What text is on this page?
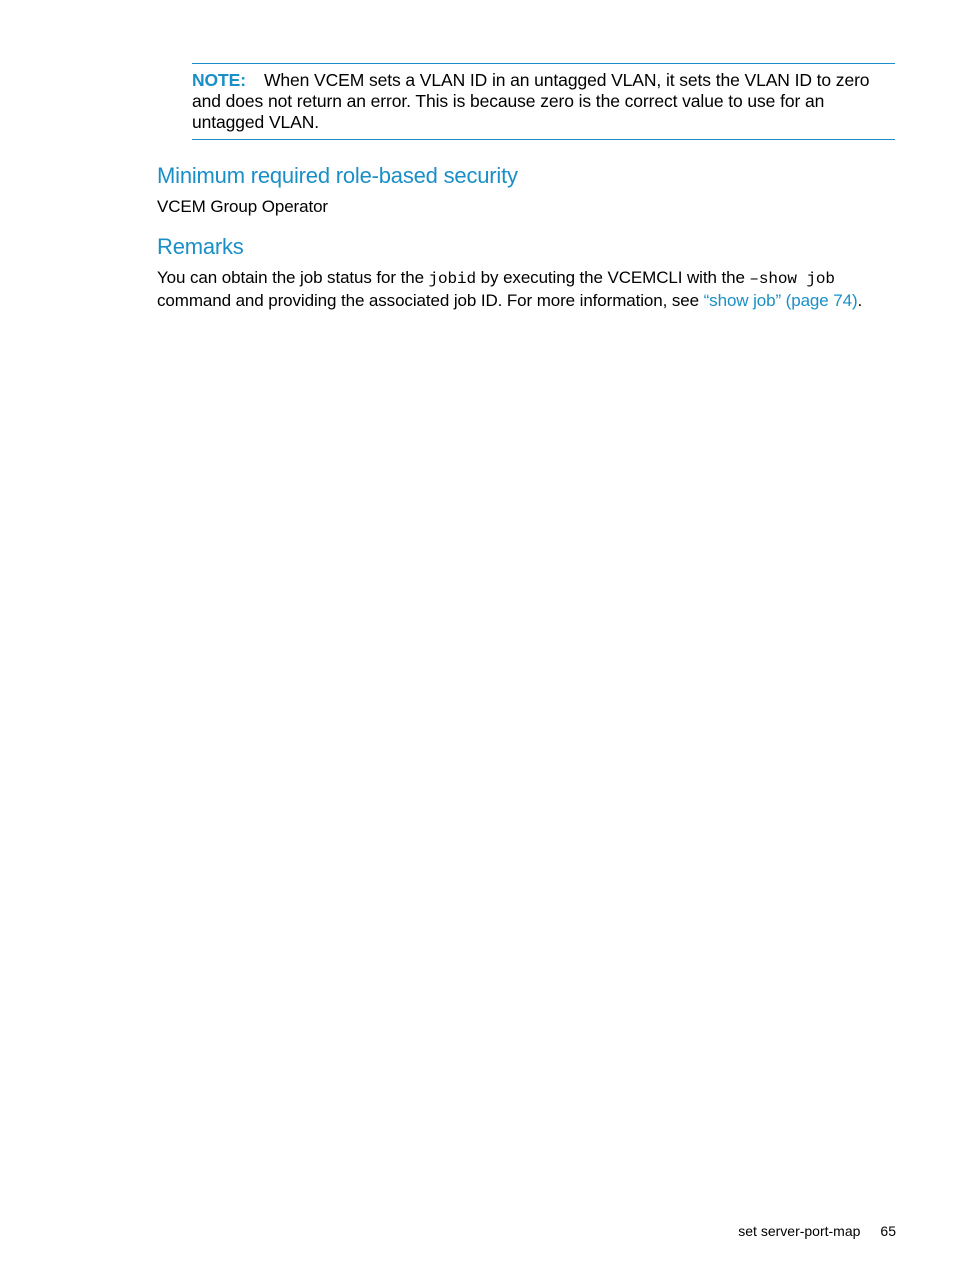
NOTE: When VCEM sets a VLAN ID in an untagged VLAN, it sets the VLAN ID to zero and does not return an error. This is because zero is the correct value to use for an untagged VLAN.
Minimum required role-based security

VCEM Group Operator

Remarks

You can obtain the job status for the jobid by executing the VCEMCLI with the –show job command and providing the associated job ID. For more information, see “show job” (page 74).

set server-port-map 65
